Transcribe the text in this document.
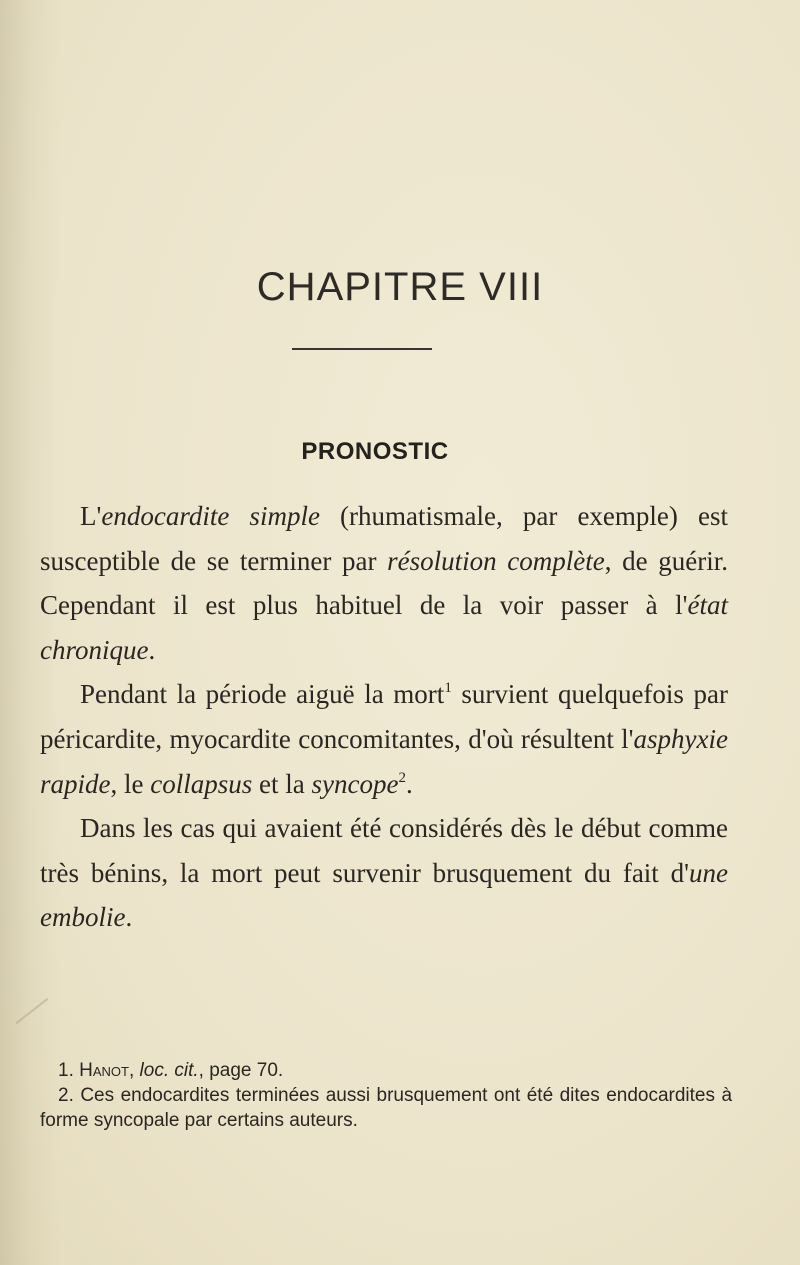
CHAPITRE VIII
PRONOSTIC

L'endocardite simple (rhumatismale, par exemple) est susceptible de se terminer par résolution complète, de guérir. Cependant il est plus habituel de la voir passer à l'état chronique.

Pendant la période aiguë la mort$^1$ survient quelquefois par péricardite, myocardite concomitantes, d'où résultent l'asphyxie rapide, le collapsus et la syncope$^2$.

Dans les cas qui avaient été considérés dès le début comme très bénins, la mort peut survenir brusquement du fait d'une embolie.

1. Hanot, loc. cit., page 70.

2. Ces endocardites terminées aussi brusquement ont été dites endocardites à forme syncopale par certains auteurs.
